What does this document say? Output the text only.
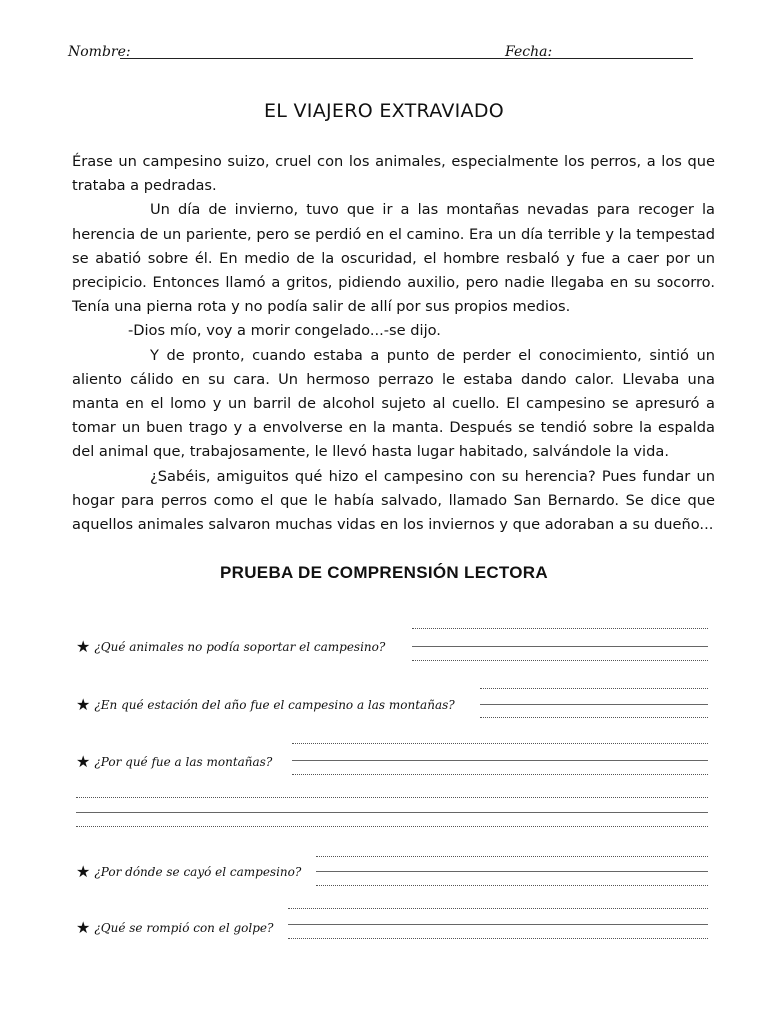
Nombre:	Fecha:
EL VIAJERO EXTRAVIADO

Érase un campesino suizo, cruel con los animales, especialmente los perros, a los que trataba a pedradas.

Un día de invierno, tuvo que ir a las montañas nevadas para recoger la herencia de un pariente, pero se perdió en el camino. Era un día terrible y la tempestad se abatió sobre él. En medio de la oscuridad, el hombre resbaló y fue a caer por un precipicio. Entonces llamó a gritos, pidiendo auxilio, pero nadie llegaba en su socorro. Tenía una pierna rota y no podía salir de allí por sus propios medios.

-Dios mío, voy a morir congelado...-se dijo.

Y de pronto, cuando estaba a punto de perder el conocimiento, sintió un aliento cálido en su cara. Un hermoso perrazo le estaba dando calor. Llevaba una manta en el lomo y un barril de alcohol sujeto al cuello. El campesino se apresuró a tomar un buen trago y a envolverse en la manta. Después se tendió sobre la espalda del animal que, trabajosamente, le llevó hasta lugar habitado, salvándole la vida.

¿Sabéis, amiguitos qué hizo el campesino con su herencia? Pues fundar un hogar para perros como el que le había salvado, llamado San Bernardo. Se dice que aquellos animales salvaron muchas vidas en los inviernos y que adoraban a su dueño...

PRUEBA DE COMPRENSIÓN LECTORA
★ ¿Qué animales no podía soportar el campesino?
★ ¿En qué estación del año fue el campesino a las montañas?
★ ¿Por qué fue a las montañas?
★ ¿Por dónde se cayó el campesino?
★ ¿Qué se rompió con el golpe?
